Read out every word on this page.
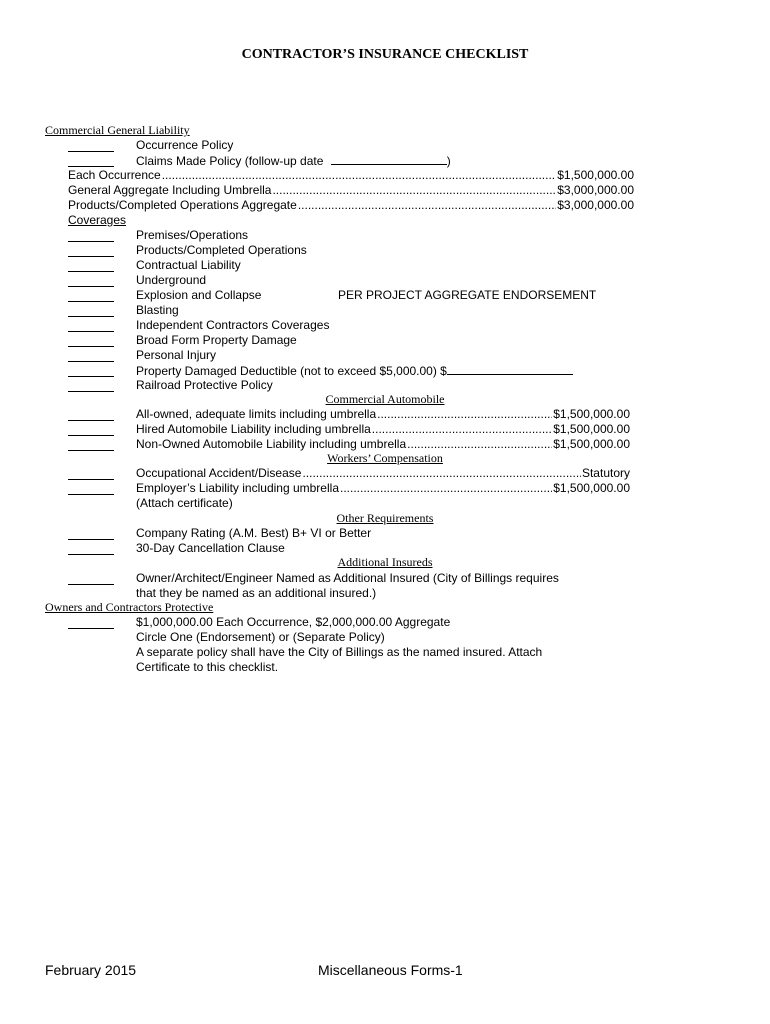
CONTRACTOR’S INSURANCE CHECKLIST
Commercial General Liability
Occurrence Policy
Claims Made Policy (follow-up date	)
Each Occurrence .....	$1,500,000.00
General Aggregate Including Umbrella .....	$3,000,000.00
Products/Completed Operations Aggregate .....	$3,000,000.00
Coverages
Premises/Operations
Products/Completed Operations
Contractual Liability
Underground
Explosion and Collapse	PER PROJECT AGGREGATE ENDORSEMENT
Blasting
Independent Contractors Coverages
Broad Form Property Damage
Personal Injury
Property Damaged Deductible (not to exceed $5,000.00) $
Railroad Protective Policy
Commercial Automobile
All-owned, adequate limits including umbrella .....	$1,500,000.00
Hired Automobile Liability including umbrella .....	$1,500,000.00
Non-Owned Automobile Liability including umbrella .....	$1,500,000.00
Workers’ Compensation
Occupational Accident/Disease .....	Statutory
Employer’s Liability including umbrella .....	$1,500,000.00
(Attach certificate)
Other Requirements
Company Rating (A.M. Best) B+ VI or Better
30-Day Cancellation Clause
Additional Insureds
Owner/Architect/Engineer Named as Additional Insured (City of Billings requires
that they be named as an additional insured.)
Owners and Contractors Protective
$1,000,000.00 Each Occurrence, $2,000,000.00 Aggregate
Circle One (Endorsement) or (Separate Policy)
A separate policy shall have the City of Billings as the named insured. Attach
Certificate to this checklist.
February 2015	Miscellaneous Forms-1
